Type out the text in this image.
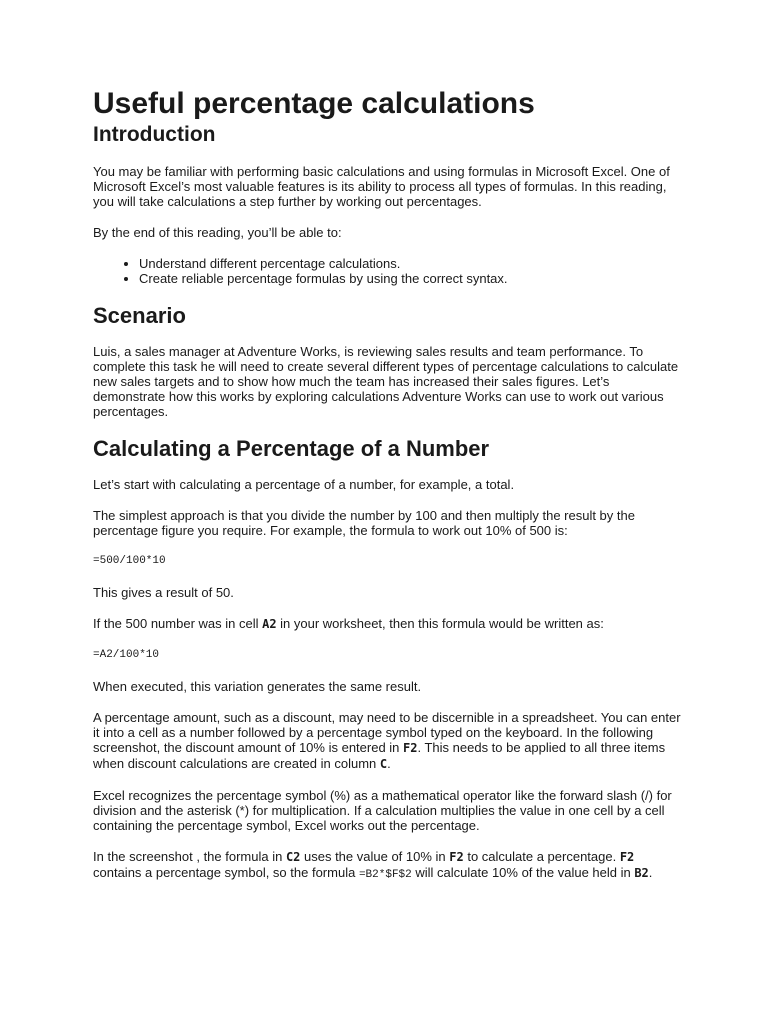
Useful percentage calculations
Introduction

You may be familiar with performing basic calculations and using formulas in Microsoft Excel. One of Microsoft Excel’s most valuable features is its ability to process all types of formulas. In this reading, you will take calculations a step further by working out percentages.

By the end of this reading, you’ll be able to:

• Understand different percentage calculations.
• Create reliable percentage formulas by using the correct syntax.
Scenario

Luis, a sales manager at Adventure Works, is reviewing sales results and team performance. To complete this task he will need to create several different types of percentage calculations to calculate new sales targets and to show how much the team has increased their sales figures. Let’s demonstrate how this works by exploring calculations Adventure Works can use to work out various percentages.

Calculating a Percentage of a Number

Let’s start with calculating a percentage of a number, for example, a total.

The simplest approach is that you divide the number by 100 and then multiply the result by the percentage figure you require. For example, the formula to work out 10% of 500 is:

=500/100*10

This gives a result of 50.

If the 500 number was in cell A2 in your worksheet, then this formula would be written as:

=A2/100*10

When executed, this variation generates the same result.

A percentage amount, such as a discount, may need to be discernible in a spreadsheet. You can enter it into a cell as a number followed by a percentage symbol typed on the keyboard. In the following screenshot, the discount amount of 10% is entered in F2. This needs to be applied to all three items when discount calculations are created in column C.

Excel recognizes the percentage symbol (%) as a mathematical operator like the forward slash (/) for division and the asterisk (*) for multiplication. If a calculation multiplies the value in one cell by a cell containing the percentage symbol, Excel works out the percentage.

In the screenshot , the formula in C2 uses the value of 10% in F2 to calculate a percentage. F2 contains a percentage symbol, so the formula =B2*$F$2 will calculate 10% of the value held in B2.
